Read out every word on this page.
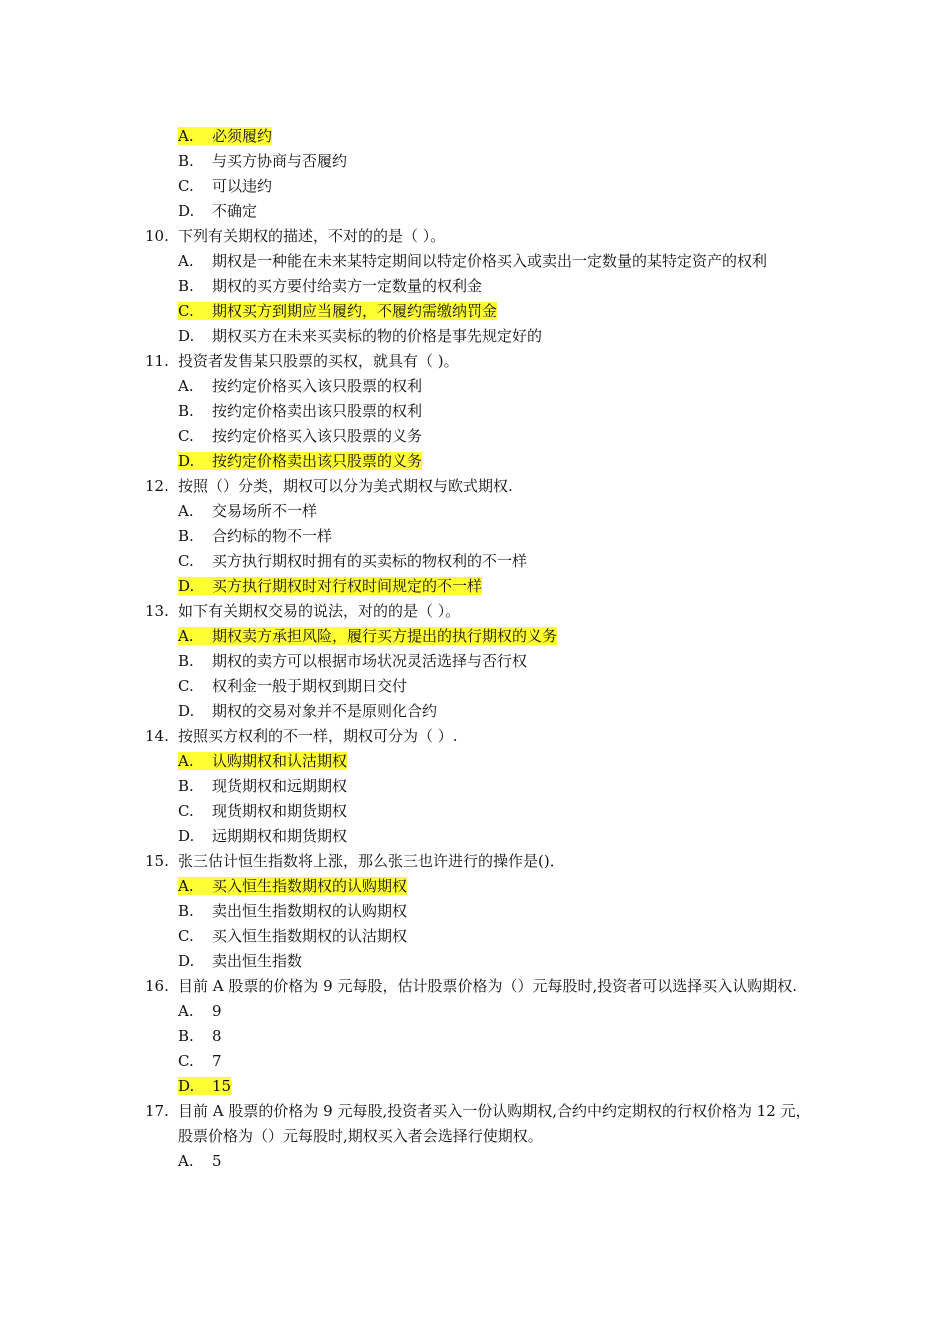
A. 必须履约
B.	与买方协商与否履约
C.	可以违约
D.	不确定
10. 下列有关期权的描述，不对的的是（ ）。
A.	期权是一种能在未来某特定期间以特定价格买入或卖出一定数量的某特定资产的权利
B.	期权的买方要付给卖方一定数量的权利金
C. 期权买方到期应当履约，不履约需缴纳罚金
D.	期权买方在未来买卖标的物的价格是事先规定好的
11. 投资者发售某只股票的买权，就具有（ )。
A.	按约定价格买入该只股票的权利
B.	按约定价格卖出该只股票的权利
C.	按约定价格买入该只股票的义务
D. 按约定价格卖出该只股票的义务
12. 按照（）分类，期权可以分为美式期权与欧式期权.
A.	交易场所不一样
B.	合约标的物不一样
C.	买方执行期权时拥有的买卖标的物权利的不一样
D. 买方执行期权时对行权时间规定的不一样
13. 如下有关期权交易的说法，对的的是（ ）。
A. 期权卖方承担风险，履行买方提出的执行期权的义务
B.	期权的卖方可以根据市场状况灵活选择与否行权
C.	权利金一般于期权到期日交付
D.	期权的交易对象并不是原则化合约
14. 按照买方权利的不一样，期权可分为（ ）.
A. 认购期权和认沽期权
B.	现货期权和远期期权
C.	现货期权和期货期权
D.	远期期权和期货期权
15. 张三估计恒生指数将上涨，那么张三也许进行的操作是()．
A. 买入恒生指数期权的认购期权
B.	卖出恒生指数期权的认购期权
C.	买入恒生指数期权的认沽期权
D.	卖出恒生指数
16. 目前 A 股票的价格为 9 元每股，估计股票价格为（）元每股时,投资者可以选择买入认购期权.
A.	9
B.	8
C.	7
D. 15
17. 目前 A 股票的价格为 9 元每股,投资者买入一份认购期权,合约中约定期权的行权价格为 12 元，股票价格为（）元每股时,期权买入者会选择行使期权。
A.	5
